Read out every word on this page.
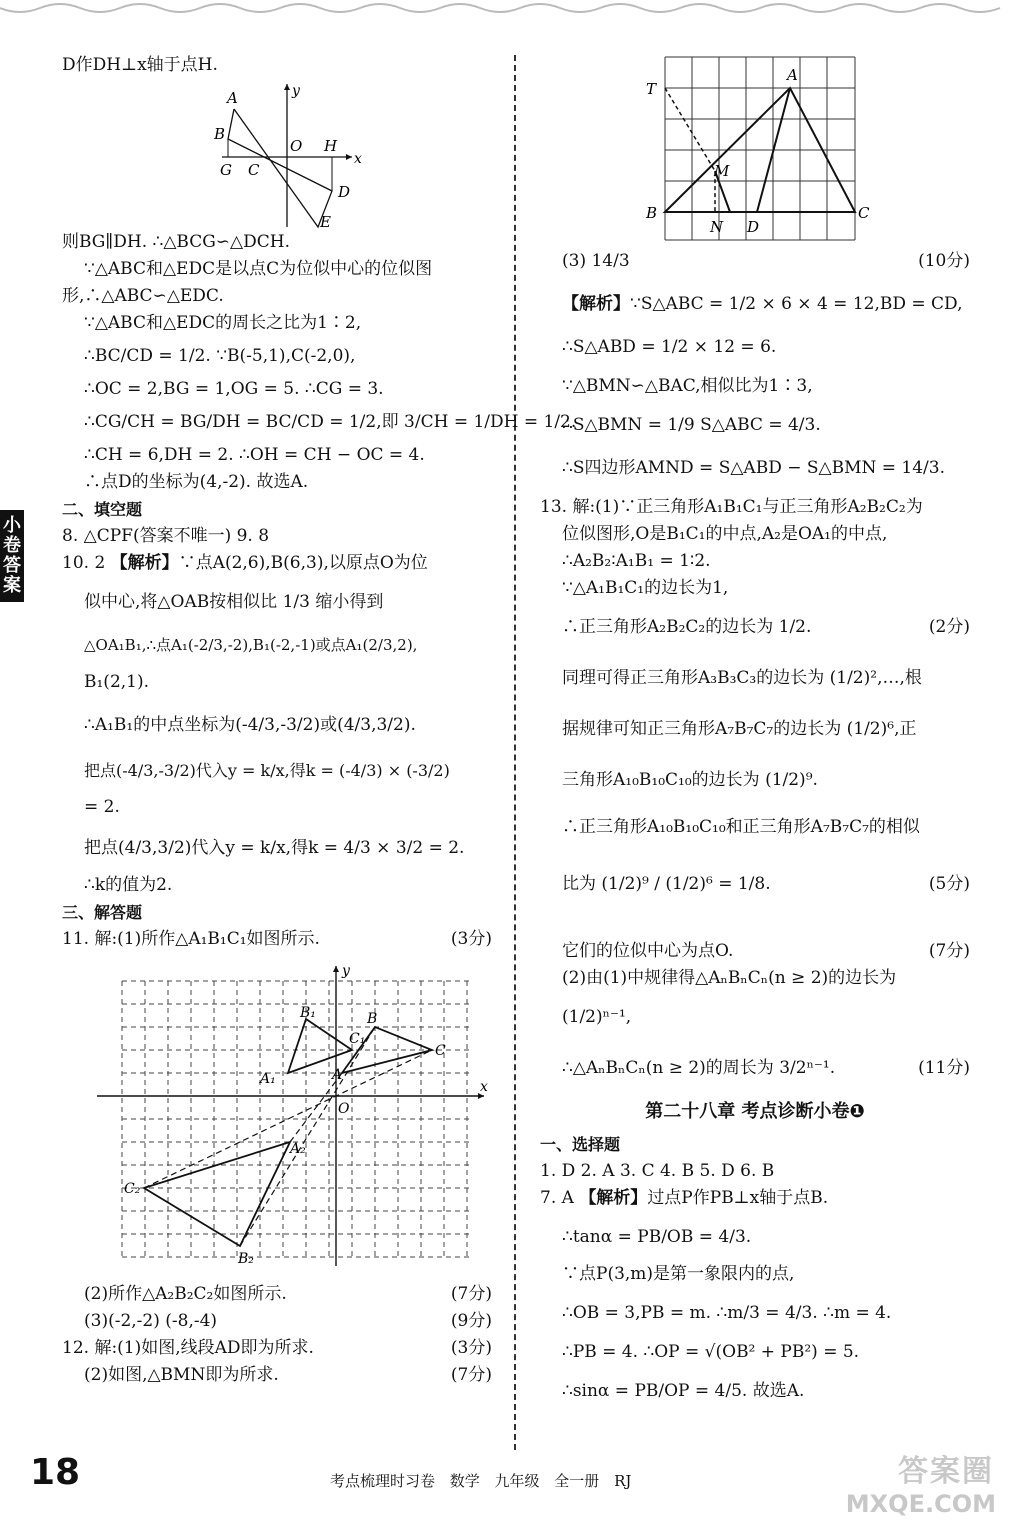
小卷答案
D作DH⊥x轴于点H.
A
B
G C
O H
D
E
x
y
则BG∥DH. ∴△BCG∽△DCH.
∵△ABC和△EDC是以点C为位似中心的位似图
形,∴△ABC∽△EDC.
∵△ABC和△EDC的周长之比为1∶2,
∴BC/CD = 1/2. ∵B(-5,1),C(-2,0),
∴OC = 2,BG = 1,OG = 5. ∴CG = 3.
∴CG/CH = BG/DH = BC/CD = 1/2,即 3/CH = 1/DH = 1/2.
∴CH = 6,DH = 2. ∴OH = CH − OC = 4.
∴点D的坐标为(4,-2). 故选A.
二、填空题
8. △CPF(答案不唯一) 9. 8
10. 2 【解析】∵点A(2,6),B(6,3),以原点O为位
似中心,将△OAB按相似比 1/3 缩小得到
△OA₁B₁,∴点A₁(-2/3,-2),B₁(-2,-1)或点A₁(2/3,2),
B₁(2,1).
∴A₁B₁的中点坐标为(-4/3,-3/2)或(4/3,3/2).
把点(-4/3,-3/2)代入y = k/x,得k = (-4/3) × (-3/2)
= 2.
把点(4/3,3/2)代入y = k/x,得k = 4/3 × 3/2 = 2.
∴k的值为2.
三、解答题
11. 解:(1)所作△A₁B₁C₁如图所示.	(3分)
B₁	B
C₁
C
A₁	A
O
A₂
C₂
B₂
y
x
(2)所作△A₂B₂C₂如图所示.	(7分)
(3)(-2,-2) (-8,-4)	(9分)
12. 解:(1)如图,线段AD即为所求.	(3分)
(2)如图,△BMN即为所求.	(7分)
T
A
M
B
N D
C
(3) 14/3	(10分)
【解析】∵S△ABC = 1/2 × 6 × 4 = 12,BD = CD,
∴S△ABD = 1/2 × 12 = 6.
∵△BMN∽△BAC,相似比为1∶3,
∴S△BMN = 1/9 S△ABC = 4/3.
∴S四边形AMND = S△ABD − S△BMN = 14/3.
13. 解:(1)∵正三角形A₁B₁C₁与正三角形A₂B₂C₂为
位似图形,O是B₁C₁的中点,A₂是OA₁的中点,
∴A₂B₂∶A₁B₁ = 1∶2.
∵△A₁B₁C₁的边长为1,
∴正三角形A₂B₂C₂的边长为 1/2.	(2分)
同理可得正三角形A₃B₃C₃的边长为 (1/2)²,…,根
据规律可知正三角形A₇B₇C₇的边长为 (1/2)⁶,正
三角形A₁₀B₁₀C₁₀的边长为 (1/2)⁹.
∴正三角形A₁₀B₁₀C₁₀和正三角形A₇B₇C₇的相似
比为 (1/2)⁹ / (1/2)⁶ = 1/8.	(5分)
它们的位似中心为点O.	(7分)
(2)由(1)中规律得△AₙBₙCₙ(n ≥ 2)的边长为
(1/2)ⁿ⁻¹,
∴△AₙBₙCₙ(n ≥ 2)的周长为 3/2ⁿ⁻¹.	(11分)
第二十八章 考点诊断小卷❶
一、选择题
1. D 2. A 3. C 4. B 5. D 6. B
7. A 【解析】过点P作PB⊥x轴于点B.
∴tanα = PB/OB = 4/3.
∵点P(3,m)是第一象限内的点,
∴OB = 3,PB = m. ∴m/3 = 4/3. ∴m = 4.
∴PB = 4. ∴OP = √(OB² + PB²) = 5.
∴sinα = PB/OP = 4/5. 故选A.
18	考点梳理时习卷 数学 九年级 全一册 RJ	答案圈
MXQE.COM
